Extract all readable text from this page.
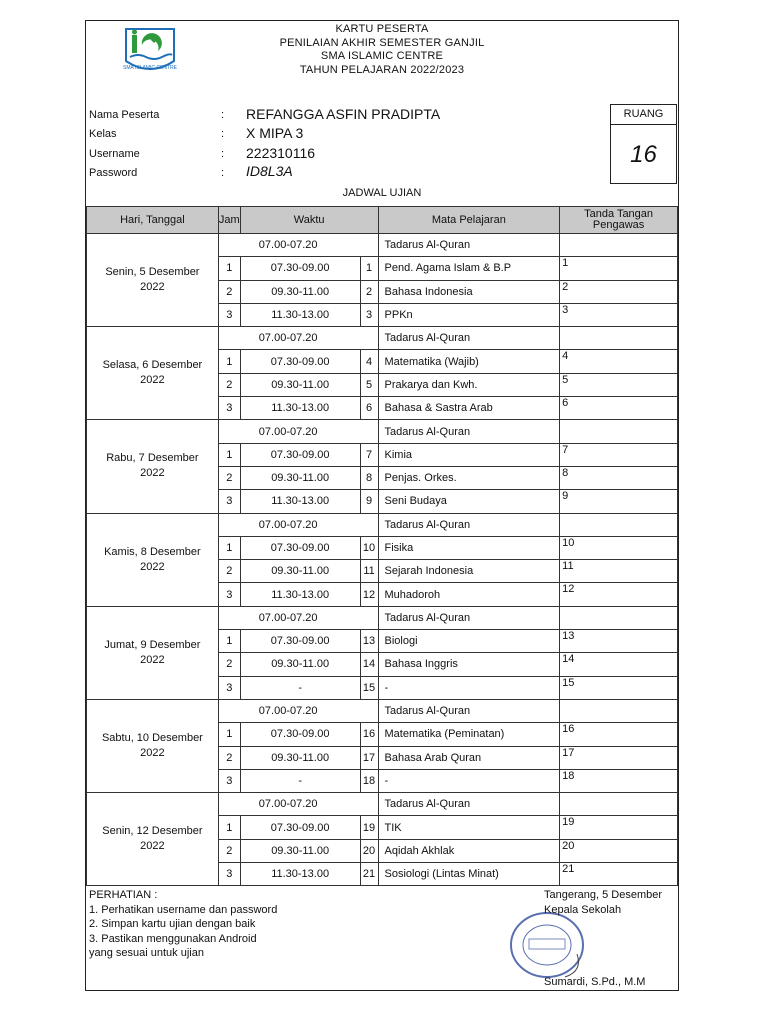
SMA ISLAMIC CENTRE
KARTU PESERTA
PENILAIAN AKHIR SEMESTER GANJIL
SMA ISLAMIC CENTRE
TAHUN PELAJARAN 2022/2023
Nama Peserta	: REFANGGA ASFIN PRADIPTA
Kelas	: X MIPA 3
Username	: 222310116
Password	: ID8L3A
RUANG
16
JADWAL UJIAN
Hari, Tanggal	Jam	Waktu		Mata Pelajaran	Tanda Tangan Pengawas
Senin, 5 Desember 2022	07.00-07.20			Tadarus Al-Quran	
	1	07.30-09.00	1	Pend. Agama Islam & B.P	1
	2	09.30-11.00	2	Bahasa Indonesia	2
	3	11.30-13.00	3	PPKn	3
Selasa, 6 Desember 2022	07.00-07.20			Tadarus Al-Quran	
	1	07.30-09.00	4	Matematika (Wajib)	4
	2	09.30-11.00	5	Prakarya dan Kwh.	5
	3	11.30-13.00	6	Bahasa & Sastra Arab	6
Rabu, 7 Desember 2022	07.00-07.20			Tadarus Al-Quran	
	1	07.30-09.00	7	Kimia	7
	2	09.30-11.00	8	Penjas. Orkes.	8
	3	11.30-13.00	9	Seni Budaya	9
Kamis, 8 Desember 2022	07.00-07.20			Tadarus Al-Quran	
	1	07.30-09.00	10	Fisika	10
	2	09.30-11.00	11	Sejarah Indonesia	11
	3	11.30-13.00	12	Muhadoroh	12
Jumat, 9 Desember 2022	07.00-07.20			Tadarus Al-Quran	
	1	07.30-09.00	13	Biologi	13
	2	09.30-11.00	14	Bahasa Inggris	14
	3	-	15	-	15
Sabtu, 10 Desember 2022	07.00-07.20			Tadarus Al-Quran	
	1	07.30-09.00	16	Matematika (Peminatan)	16
	2	09.30-11.00	17	Bahasa Arab Quran	17
	3	-	18	-	18
Senin, 12 Desember 2022	07.00-07.20			Tadarus Al-Quran	
	1	07.30-09.00	19	TIK	19
	2	09.30-11.00	20	Aqidah Akhlak	20
	3	11.30-13.00	21	Sosiologi (Lintas Minat)	21
PERHATIAN :
1. Perhatikan username dan password
2. Simpan kartu ujian dengan baik
3. Pastikan menggunakan Android
yang sesuai untuk ujian
Tangerang, 5 Desember
Kepala Sekolah
Sumardi, S.Pd., M.M
